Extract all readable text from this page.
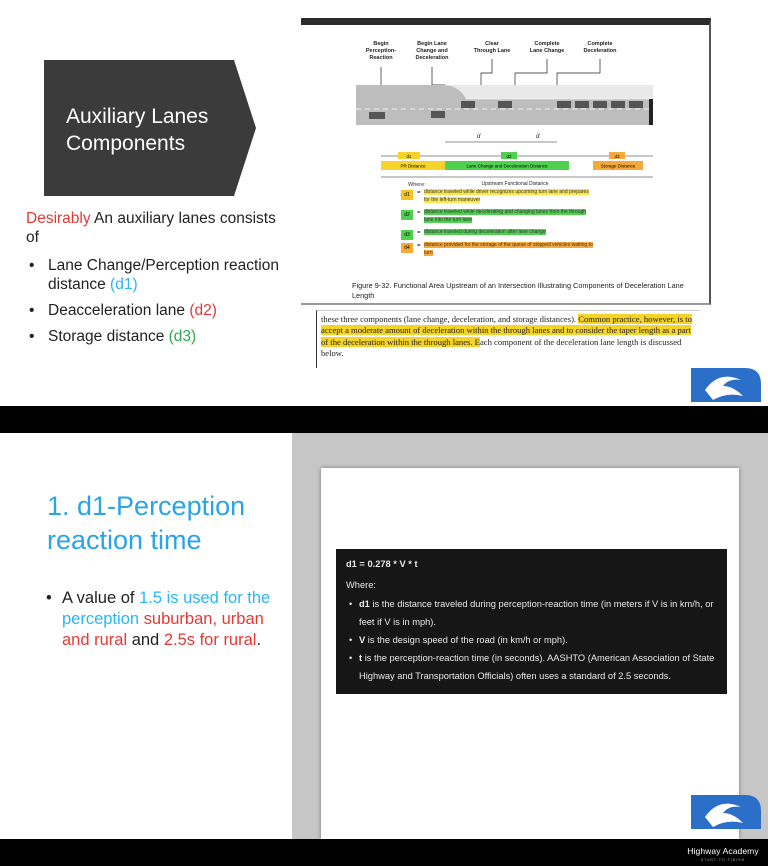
Auxiliary Lanes Components
Desirably An auxiliary lanes consists of
• Lane Change/Perception reaction distance (d1)
• Deacceleration lane (d2)
• Storage distance (d3)
Begin Perception-Reaction
Begin Lane Change and Deceleration
Clear Through Lane
Complete Lane Change
Complete Deceleration
d	d
d1
PR Distance
d2
Lane Change and Deceleration Distance
d3
Storage Distance
Upstream Functional Distance
Where:
d1	= distance traveled while driver recognizes upcoming turn lane and prepares for the left-turn maneuver
d2	= distance traveled while decelerating and changing lanes from the through lane into the turn lane
d3	= distance traveled during deceleration after lane change
d4	= distance provided for the storage of the queue of stopped vehicles waiting to turn
Figure 9-32. Functional Area Upstream of an Intersection Illustrating Components of Deceleration Lane Length
these three components (lane change, deceleration, and storage distances). Common practice, however, is to accept a moderate amount of deceleration within the through lanes and to consider the taper length as a part of the deceleration within the through lanes. Each component of the deceleration lane length is discussed below.
1. d1-Perception reaction time
• A value of 1.5 is used for the perception suburban, urban and rural and 2.5s for rural.
d1 = 0.278 * V * t
Where:
• d1 is the distance traveled during perception-reaction time (in meters if V is in km/h, or feet if V is in mph).
• V is the design speed of the road (in km/h or mph).
• t is the perception-reaction time (in seconds). AASHTO (American Association of State Highway and Transportation Officials) often uses a standard of 2.5 seconds.
Highway Academy
START TO FINISH
